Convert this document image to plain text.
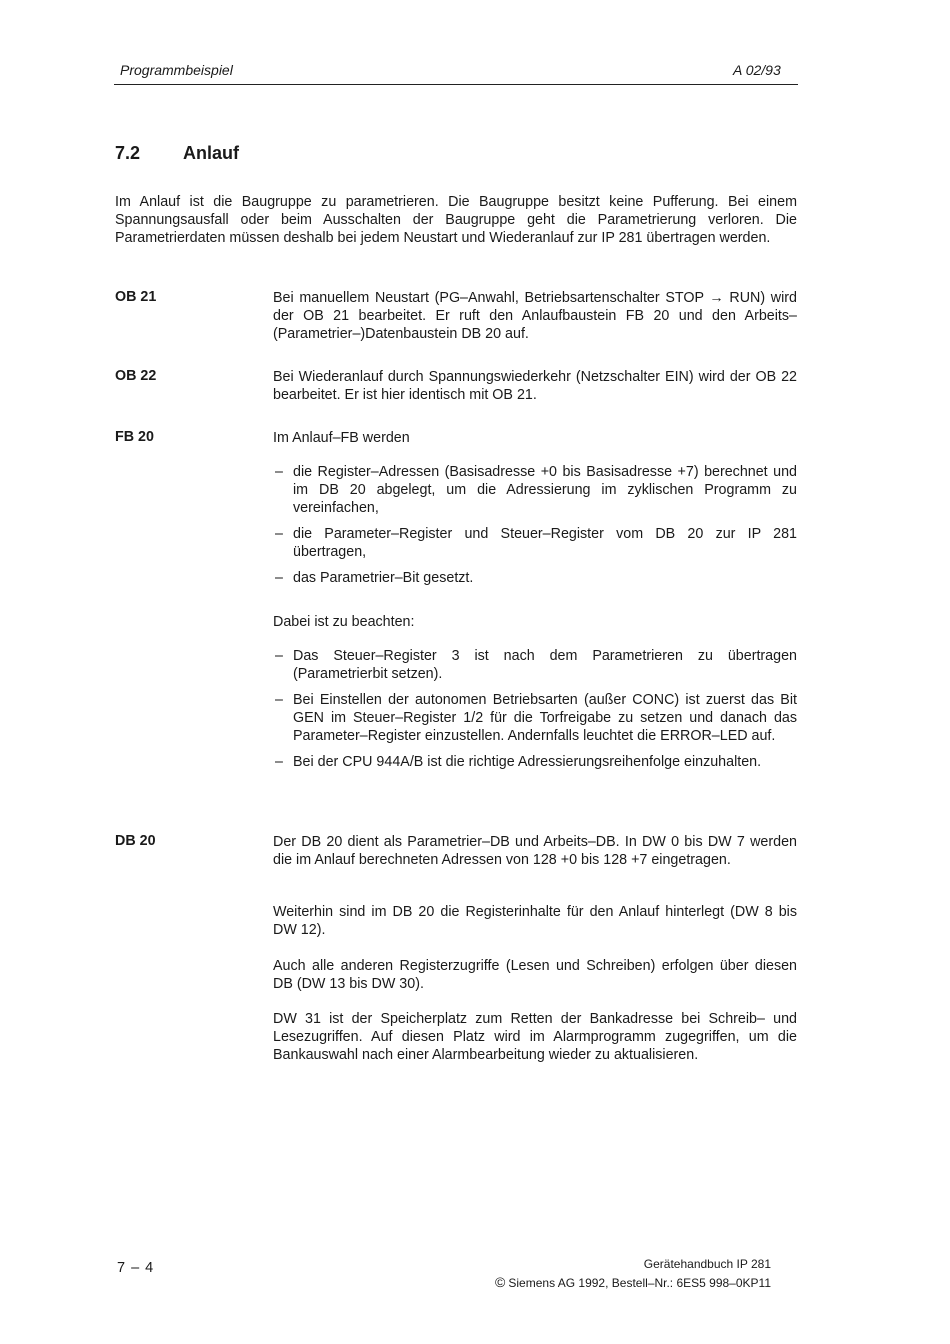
Programmbeispiel	A 02/93
7.2 Anlauf

Im Anlauf ist die Baugruppe zu parametrieren. Die Baugruppe besitzt keine Pufferung. Bei einem Spannungsausfall oder beim Ausschalten der Baugruppe geht die Parametrierung verloren. Die Parametrierdaten müssen deshalb bei jedem Neustart und Wiederanlauf zur IP 281 übertragen werden.

OB 21	Bei manuellem Neustart (PG–Anwahl, Betriebsartenschalter STOP → RUN) wird der OB 21 bearbeitet. Er ruft den Anlaufbaustein FB 20 und den Arbeits–(Parametrier–)Datenbaustein DB 20 auf.

OB 22	Bei Wiederanlauf durch Spannungswiederkehr (Netzschalter EIN) wird der OB 22 bearbeitet. Er ist hier identisch mit OB 21.

FB 20	Im Anlauf–FB werden

– die Register–Adressen (Basisadresse +0 bis Basisadresse +7) berechnet und im DB 20 abgelegt, um die Adressierung im zyklischen Programm zu vereinfachen,
– die Parameter–Register und Steuer–Register vom DB 20 zur IP 281 übertragen,
– das Parametrier–Bit gesetzt.

Dabei ist zu beachten:

– Das Steuer–Register 3 ist nach dem Parametrieren zu übertragen (Parametrierbit setzen).
– Bei Einstellen der autonomen Betriebsarten (außer CONC) ist zuerst das Bit GEN im Steuer–Register 1/2 für die Torfreigabe zu setzen und danach das Parameter–Register einzustellen. Andernfalls leuchtet die ERROR–LED auf.
– Bei der CPU 944A/B ist die richtige Adressierungsreihenfolge einzuhalten.
DB 20	Der DB 20 dient als Parametrier–DB und Arbeits–DB. In DW 0 bis DW 7 werden die im Anlauf berechneten Adressen von 128 +0 bis 128 +7 eingetragen.

Weiterhin sind im DB 20 die Registerinhalte für den Anlauf hinterlegt (DW 8 bis DW 12).

Auch alle anderen Registerzugriffe (Lesen und Schreiben) erfolgen über diesen DB (DW 13 bis DW 30).

DW 31 ist der Speicherplatz zum Retten der Bankadresse bei Schreib– und Lesezugriffen. Auf diesen Platz wird im Alarmprogramm zugegriffen, um die Bankauswahl nach einer Alarmbearbeitung wieder zu aktualisieren.

7 – 4	Gerätehandbuch IP 281
© Siemens AG 1992, Bestell–Nr.: 6ES5 998–0KP11
